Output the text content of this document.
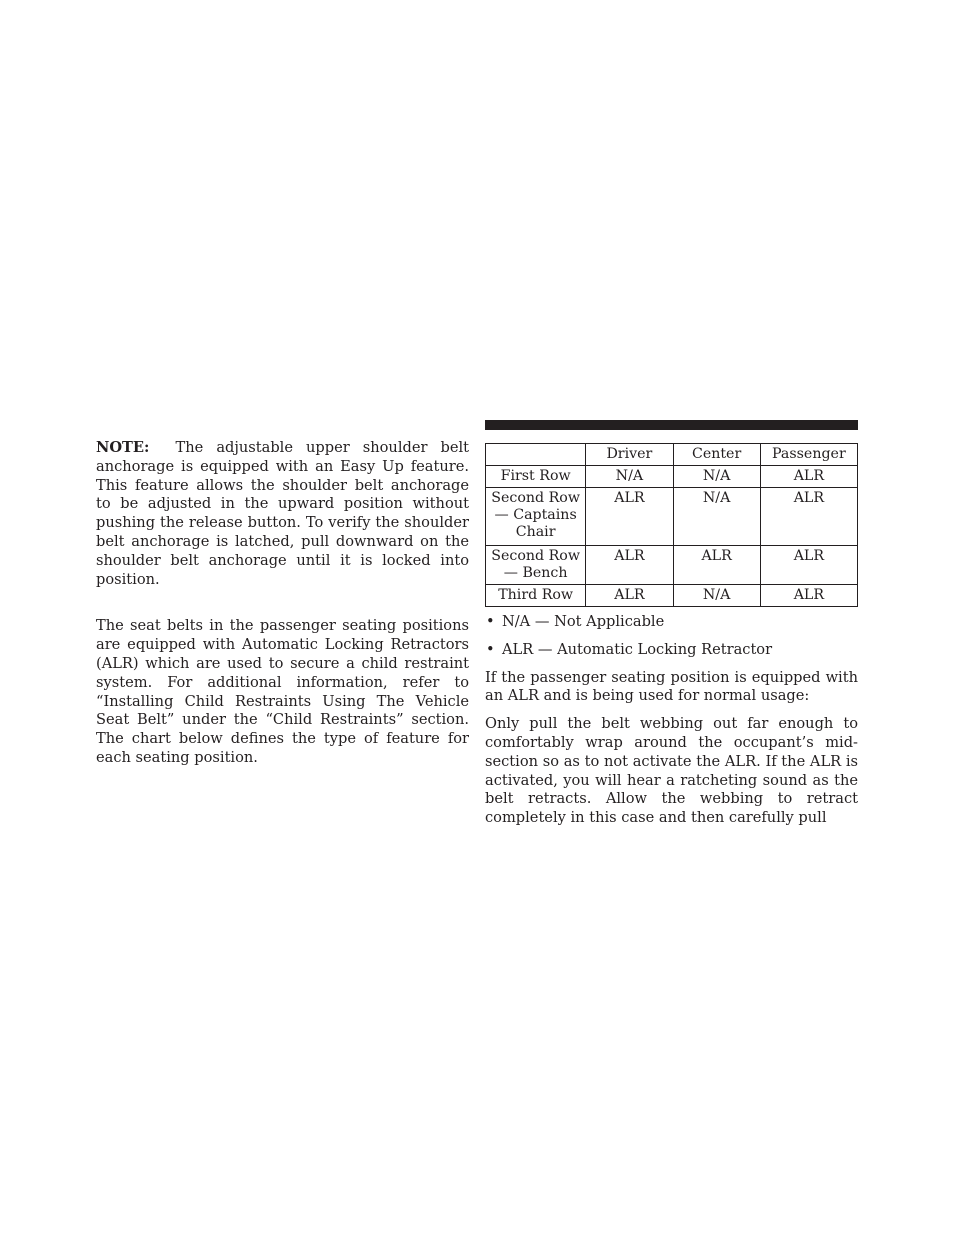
NOTE: The adjustable upper shoulder belt anchorage is equipped with an Easy Up feature. This feature allows the shoulder belt anchorage to be adjusted in the upward position without pushing the release button. To verify the shoulder belt anchorage is latched, pull downward on the shoulder belt anchorage until it is locked into position.

The seat belts in the passenger seating positions are equipped with Automatic Locking Retractors (ALR) which are used to secure a child restraint system. For additional information, refer to “Installing Child Restraints Using The Vehicle Seat Belt” under the “Child Restraints” section. The chart below defines the type of feature for each seating position.

	Driver	Center	Passenger
First Row	N/A	N/A	ALR
Second Row — Captains Chair	ALR	N/A	ALR
Second Row — Bench	ALR	ALR	ALR
Third Row	ALR	N/A	ALR
• N/A — Not Applicable
• ALR — Automatic Locking Retractor

If the passenger seating position is equipped with an ALR and is being used for normal usage:

Only pull the belt webbing out far enough to comfortably wrap around the occupant’s mid-section so as to not activate the ALR. If the ALR is activated, you will hear a ratcheting sound as the belt retracts. Allow the webbing to retract completely in this case and then carefully pull
